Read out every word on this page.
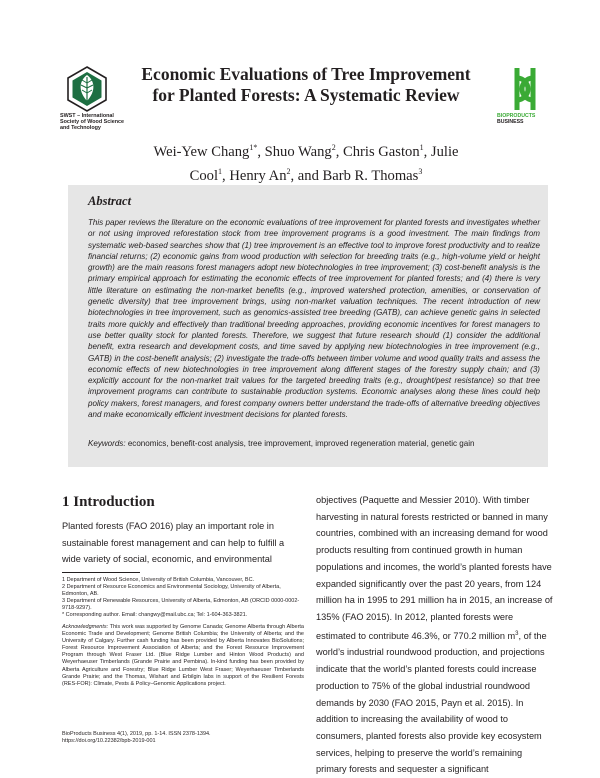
SWST – International Society of Wood Science and Technology
Economic Evaluations of Tree Improvement for Planted Forests: A Systematic Review
Wei-Yew Chang$^{1*}$, Shuo Wang$^2$, Chris Gaston$^1$, Julie Cool$^1$, Henry An$^2$, and Barb R. Thomas$^3$
BIOPRODUCTS
BUSINESS
Abstract
This paper reviews the literature on the economic evaluations of tree improvement for planted forests and investigates whether or not using improved reforestation stock from tree improvement programs is a good investment. The main findings from systematic web-based searches show that (1) tree improvement is an effective tool to improve forest productivity and to realize financial returns; (2) economic gains from wood production with selection for breeding traits (e.g., high-volume yield or height growth) are the main reasons forest managers adopt new biotechnologies in tree improvement; (3) cost-benefit analysis is the primary empirical approach for estimating the economic effects of tree improvement for planted forests; and (4) there is very little literature on estimating the non-market benefits (e.g., improved watershed protection, amenities, or conservation of genetic diversity) that tree improvement brings, using non-market valuation techniques. The recent introduction of new biotechnologies in tree improvement, such as genomics-assisted tree breeding (GATB), can achieve genetic gains in selected traits more quickly and effectively than traditional breeding approaches, providing economic incentives for forest managers to use better quality stock for planted forests. Therefore, we suggest that future research should (1) consider the additional benefit, extra research and development costs, and time saved by applying new biotechnologies in tree improvement (e.g., GATB) in the cost-benefit analysis; (2) investigate the trade-offs between timber volume and wood quality traits and assess the economic effects of new biotechnologies in tree improvement along different stages of the forestry supply chain; and (3) explicitly account for the non-market trait values for the targeted breeding traits (e.g., drought/pest resistance) so that tree improvement programs can contribute to sustainable production systems. Economic analyses along these lines could help policy makers, forest managers, and forest company owners better understand the trade-offs of alternative breeding objectives and make economically efficient investment decisions for planted forests.
Keywords: economics, benefit-cost analysis, tree improvement, improved regeneration material, genetic gain
1 Introduction
Planted forests (FAO 2016) play an important role in sustainable forest management and can help to fulfill a wide variety of social, economic, and environmental

1 Department of Wood Science, University of British Columbia, Vancouver, BC.

2 Department of Resource Economics and Environmental Sociology, University of Alberta, Edmonton, AB.

3 Department of Renewable Resources, University of Alberta, Edmonton, AB (ORCID 0000-0002-9718-9297).

* Corresponding author. Email: changwy@mail.ubc.ca; Tel: 1-604-363-3821.

Acknowledgments: This work was supported by Genome Canada; Genome Alberta through Alberta Economic Trade and Development; Genome British Columbia; the University of Alberta; and the University of Calgary. Further cash funding has been provided by Alberta Innovates BioSolutions; Forest Resource Improvement Association of Alberta; and the Forest Resource Improvement Program through West Fraser Ltd. (Blue Ridge Lumber and Hinton Wood Products) and Weyerhaeuser Timberlands (Grande Prairie and Pembina). In-kind funding has been provided by Alberta Agriculture and Forestry; Blue Ridge Lumber West Fraser; Weyerhaeuser Timberlands Grande Prairie; and the Thomas, Wishart and Erbilgin labs in support of the Resilient Forests (RES-FOR): Climate, Pests & Policy–Genomic Applications project.
BioProducts Business 4(1), 2019, pp. 1-14. ISSN 2378-1394.
https://doi.org/10.22382/bpb-2019-001
objectives (Paquette and Messier 2010). With timber harvesting in natural forests restricted or banned in many countries, combined with an increasing demand for wood products resulting from continued growth in human populations and incomes, the world’s planted forests have expanded significantly over the past 20 years, from 124 million ha in 1995 to 291 million ha in 2015, an increase of 135% (FAO 2015). In 2012, planted forests were estimated to contribute 46.3%, or 770.2 million $m^3$, of the world’s industrial roundwood production, and projections indicate that the world’s planted forests could increase production to 75% of the global industrial roundwood demands by 2030 (FAO 2015, Payn et al. 2015). In addition to increasing the availability of wood to consumers, planted forests also provide key ecosystem services, helping to preserve the world’s remaining primary forests and sequester a significant
